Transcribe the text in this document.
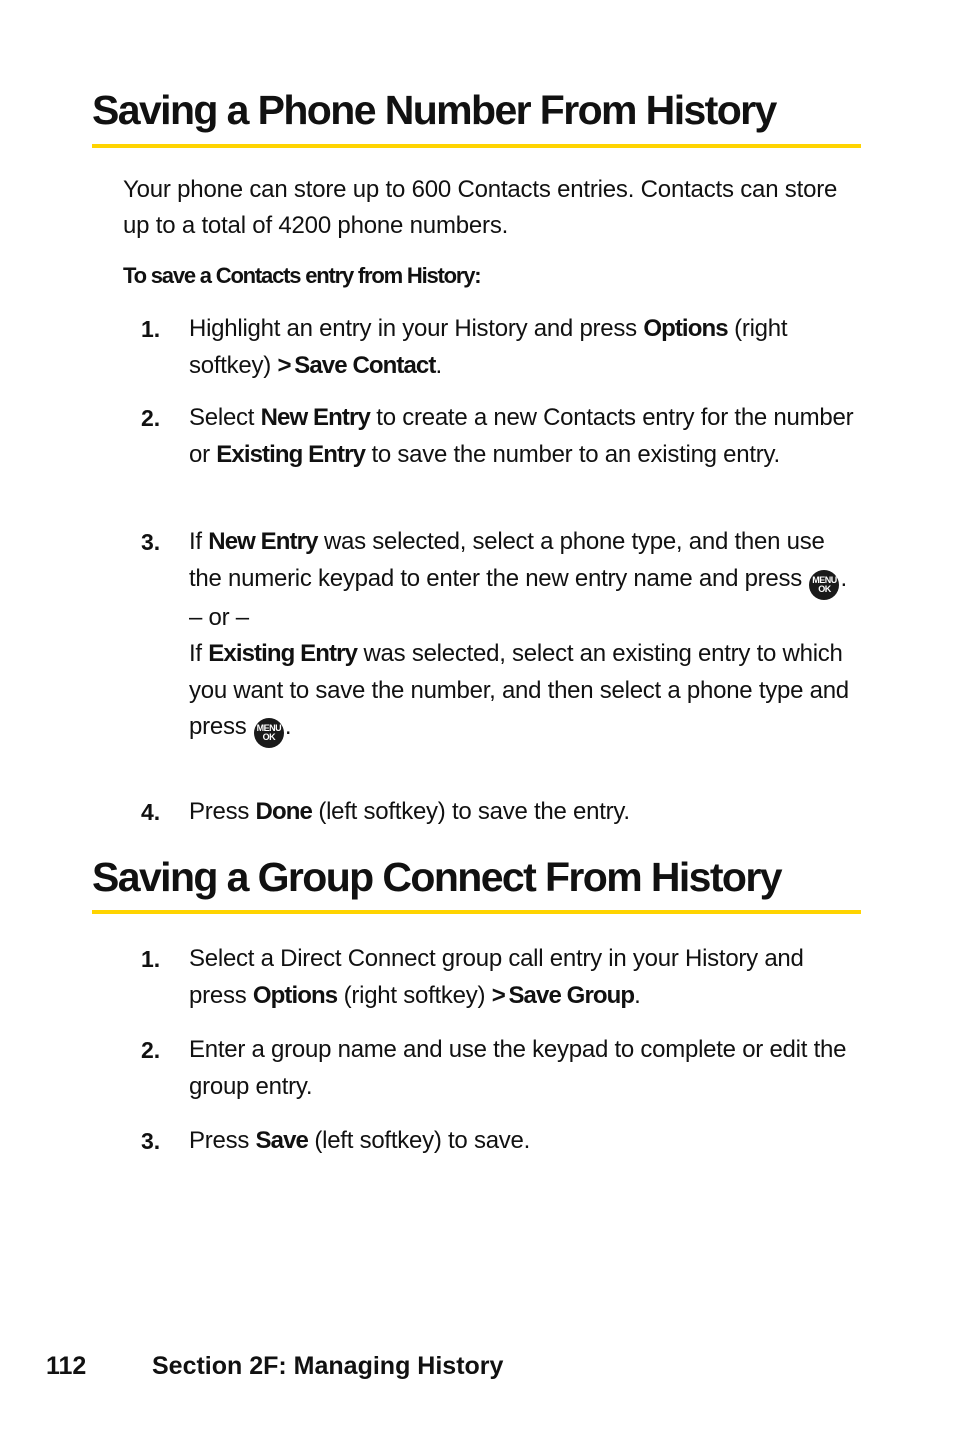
Saving a Phone Number From History

Your phone can store up to 600 Contacts entries. Contacts can store up to a total of 4200 phone numbers.

To save a Contacts entry from History:

1.	Highlight an entry in your History and press Options (right softkey) > Save Contact.
2.	Select New Entry to create a new Contacts entry for the number or Existing Entry to save the number to an existing entry.
3.	If New Entry was selected, select a phone type, and then use the numeric keypad to enter the new entry name and press MENU
OK .
– or –
If Existing Entry was selected, select an existing entry to which you want to save the number, and then select a phone type and press MENU
OK .
4.	Press Done (left softkey) to save the entry.
Saving a Group Connect From History
1.	Select a Direct Connect group call entry in your History and press Options (right softkey) > Save Group.
2.	Enter a group name and use the keypad to complete or edit the group entry.
3.	Press Save (left softkey) to save.
112	Section 2F: Managing History
